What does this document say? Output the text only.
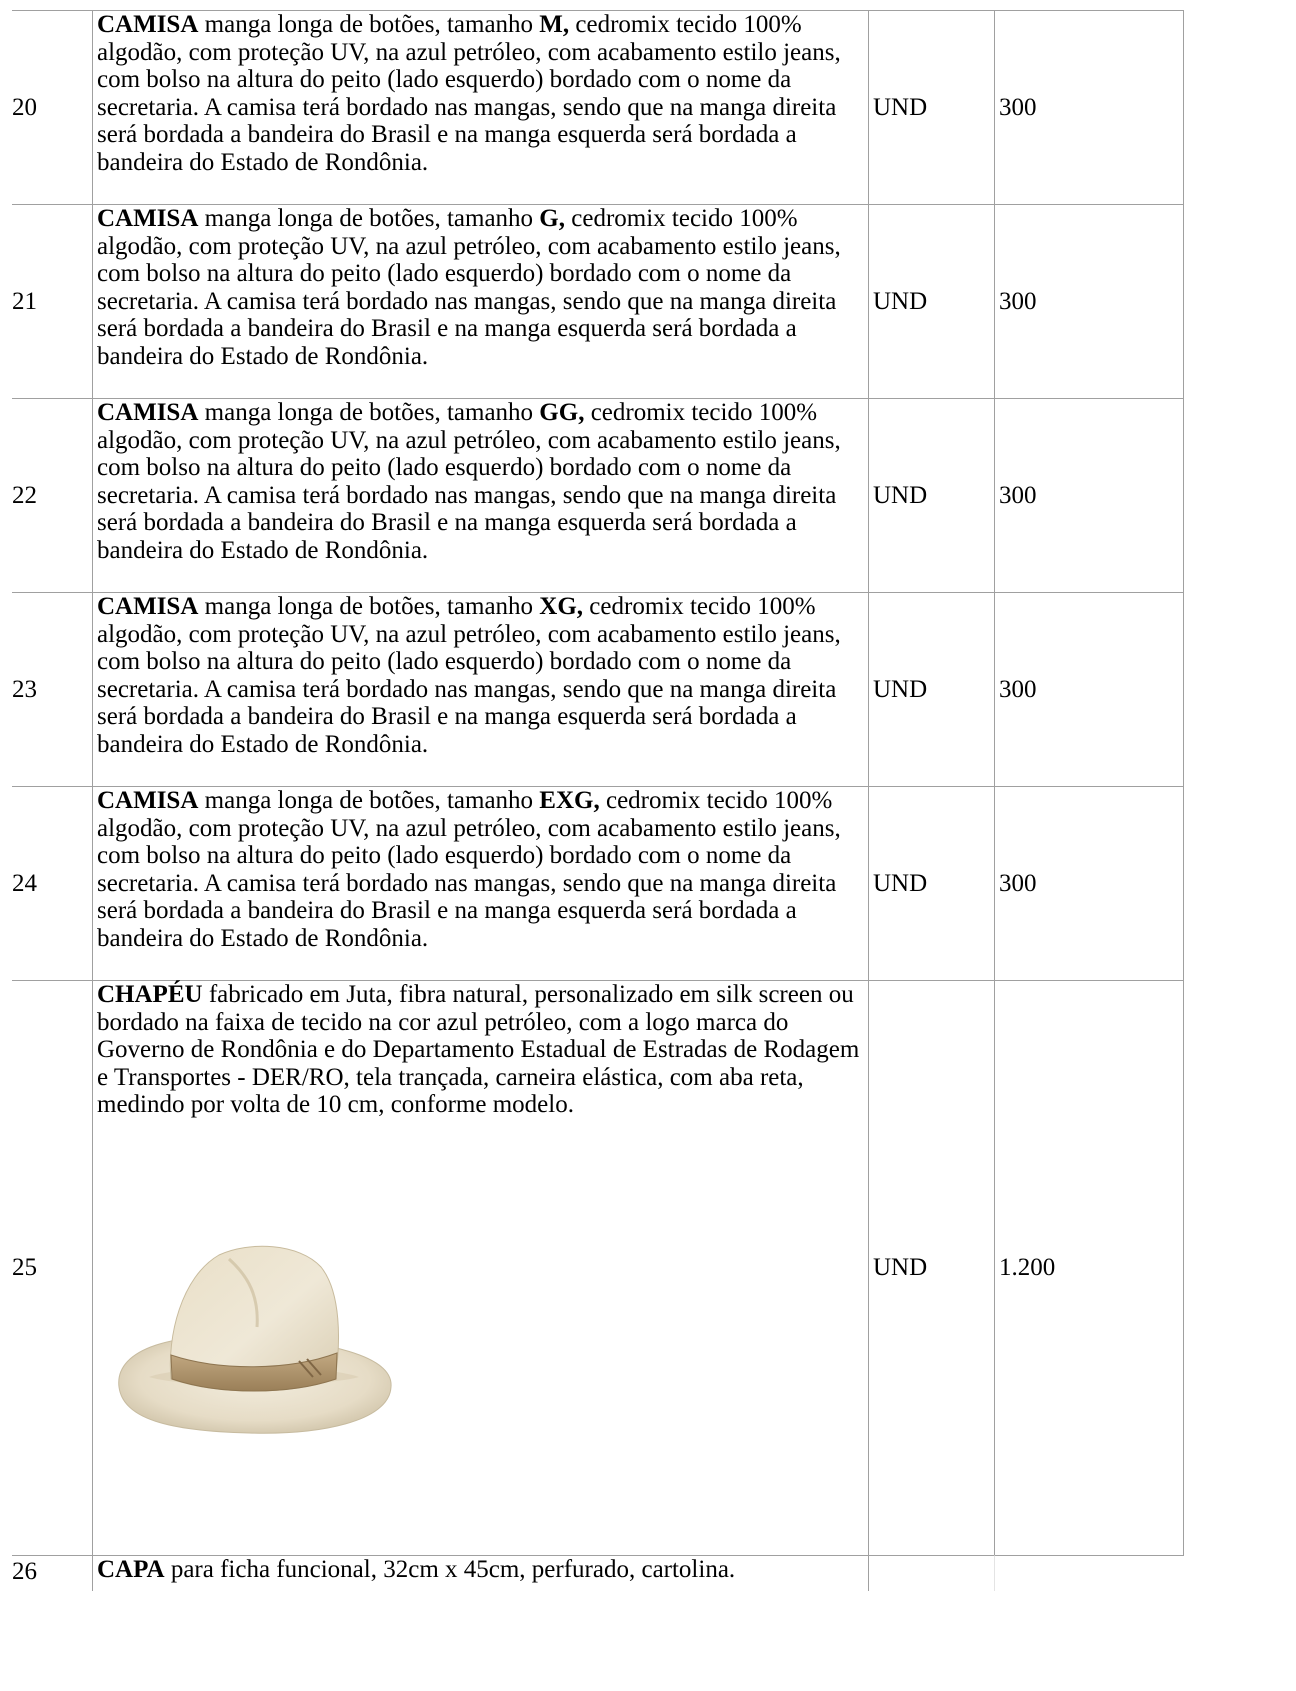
20	CAMISA manga longa de botões, tamanho M, cedromix tecido 100% algodão, com proteção UV, na azul petróleo, com acabamento estilo jeans, com bolso na altura do peito (lado esquerdo) bordado com o nome da secretaria. A camisa terá bordado nas mangas, sendo que na manga direita será bordada a bandeira do Brasil e na manga esquerda será bordada a bandeira do Estado de Rondônia.	UND	300
21	CAMISA manga longa de botões, tamanho G, cedromix tecido 100% algodão, com proteção UV, na azul petróleo, com acabamento estilo jeans, com bolso na altura do peito (lado esquerdo) bordado com o nome da secretaria. A camisa terá bordado nas mangas, sendo que na manga direita será bordada a bandeira do Brasil e na manga esquerda será bordada a bandeira do Estado de Rondônia.	UND	300
22	CAMISA manga longa de botões, tamanho GG, cedromix tecido 100% algodão, com proteção UV, na azul petróleo, com acabamento estilo jeans, com bolso na altura do peito (lado esquerdo) bordado com o nome da secretaria. A camisa terá bordado nas mangas, sendo que na manga direita será bordada a bandeira do Brasil e na manga esquerda será bordada a bandeira do Estado de Rondônia.	UND	300
23	CAMISA manga longa de botões, tamanho XG, cedromix tecido 100% algodão, com proteção UV, na azul petróleo, com acabamento estilo jeans, com bolso na altura do peito (lado esquerdo) bordado com o nome da secretaria. A camisa terá bordado nas mangas, sendo que na manga direita será bordada a bandeira do Brasil e na manga esquerda será bordada a bandeira do Estado de Rondônia.	UND	300
24	CAMISA manga longa de botões, tamanho EXG, cedromix tecido 100% algodão, com proteção UV, na azul petróleo, com acabamento estilo jeans, com bolso na altura do peito (lado esquerdo) bordado com o nome da secretaria. A camisa terá bordado nas mangas, sendo que na manga direita será bordada a bandeira do Brasil e na manga esquerda será bordada a bandeira do Estado de Rondônia.	UND	300
25	CHAPÉU fabricado em Juta, fibra natural, personalizado em silk screen ou bordado na faixa de tecido na cor azul petróleo, com a logo marca do Governo de Rondônia e do Departamento Estadual de Estradas de Rodagem e Transportes - DER/RO, tela trançada, carneira elástica, com aba reta, medindo por volta de 10 cm, conforme modelo.	UND	1.200
26	CAPA para ficha funcional, 32cm x 45cm, perfurado, cartolina.		
